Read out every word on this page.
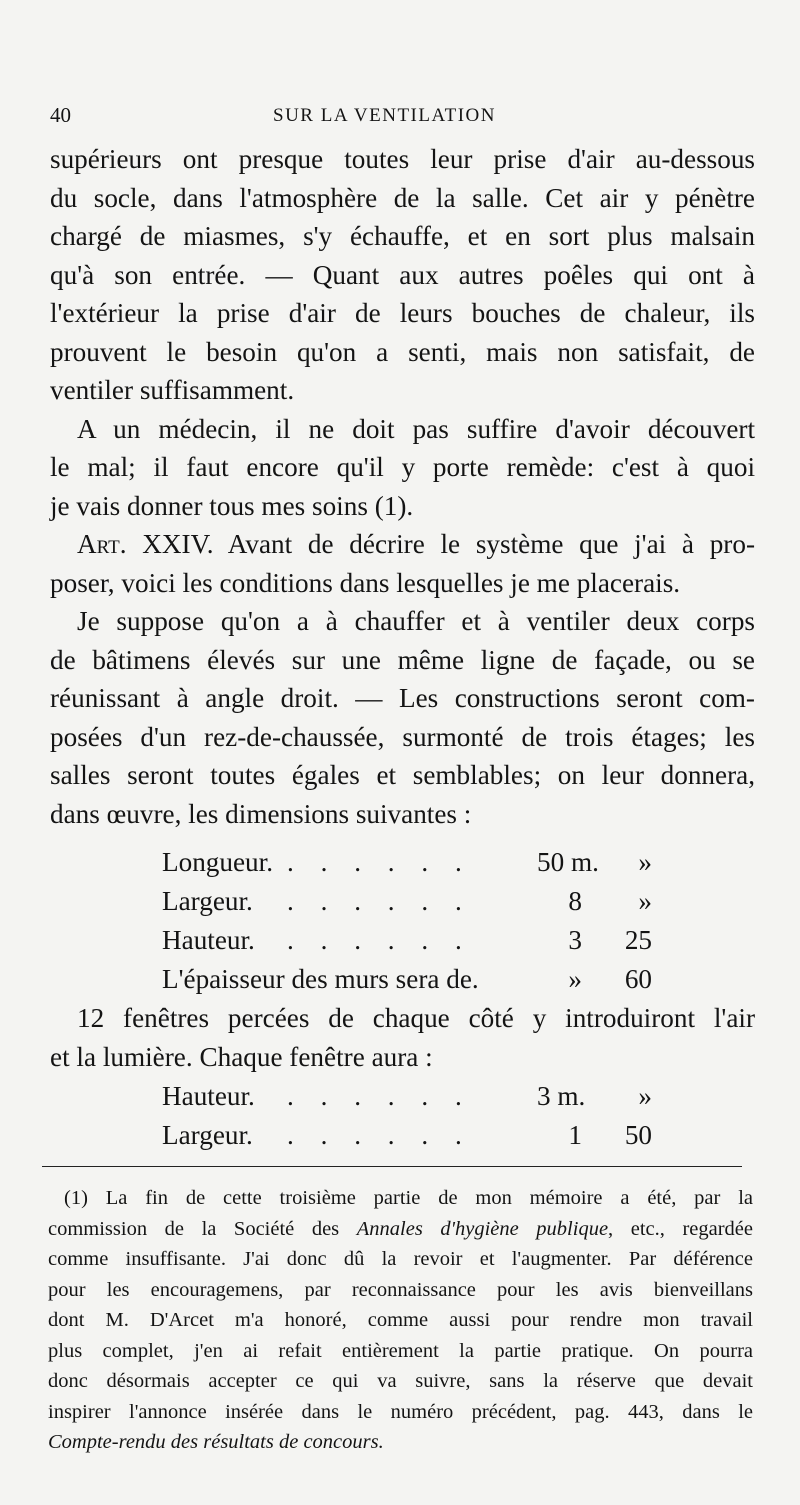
40	SUR LA VENTILATION
supérieurs ont presque toutes leur prise d'air au-dessous
du socle, dans l'atmosphère de la salle. Cet air y pénètre
chargé de miasmes, s'y échauffe, et en sort plus malsain
qu'à son entrée. — Quant aux autres poêles qui ont à
l'extérieur la prise d'air de leurs bouches de chaleur, ils
prouvent le besoin qu'on a senti, mais non satisfait, de
ventiler suffisamment.
A un médecin, il ne doit pas suffire d'avoir découvert
le mal; il faut encore qu'il y porte remède: c'est à quoi
je vais donner tous mes soins (1).
Art. XXIV. Avant de décrire le système que j'ai à pro-
poser, voici les conditions dans lesquelles je me placerais.
Je suppose qu'on a à chauffer et à ventiler deux corps
de bâtimens élevés sur une même ligne de façade, ou se
réunissant à angle droit. — Les constructions seront com-
posées d'un rez-de-chaussée, surmonté de trois étages; les
salles seront toutes égales et semblables; on leur donnera,
dans œuvre, les dimensions suivantes :
Longueur. . . . . . . 50 m.	»
Largeur. . . . . . .	8	»
Hauteur. . . . . . .	3	25
L'épaisseur des murs sera de.	»	60
12 fenêtres percées de chaque côté y introduiront l'air
et la lumière. Chaque fenêtre aura :
Hauteur. . . . . . . 3 m.	»
Largeur. . . . . . .	1	50
(1) La fin de cette troisième partie de mon mémoire a été, par la
commission de la Société des Annales d'hygiène publique, etc., regardée
comme insuffisante. J'ai donc dû la revoir et l'augmenter. Par déférence
pour les encouragemens, par reconnaissance pour les avis bienveillans
dont M. D'Arcet m'a honoré, comme aussi pour rendre mon travail
plus complet, j'en ai refait entièrement la partie pratique. On pourra
donc désormais accepter ce qui va suivre, sans la réserve que devait
inspirer l'annonce insérée dans le numéro précédent, pag. 443, dans le
Compte-rendu des résultats de concours.
